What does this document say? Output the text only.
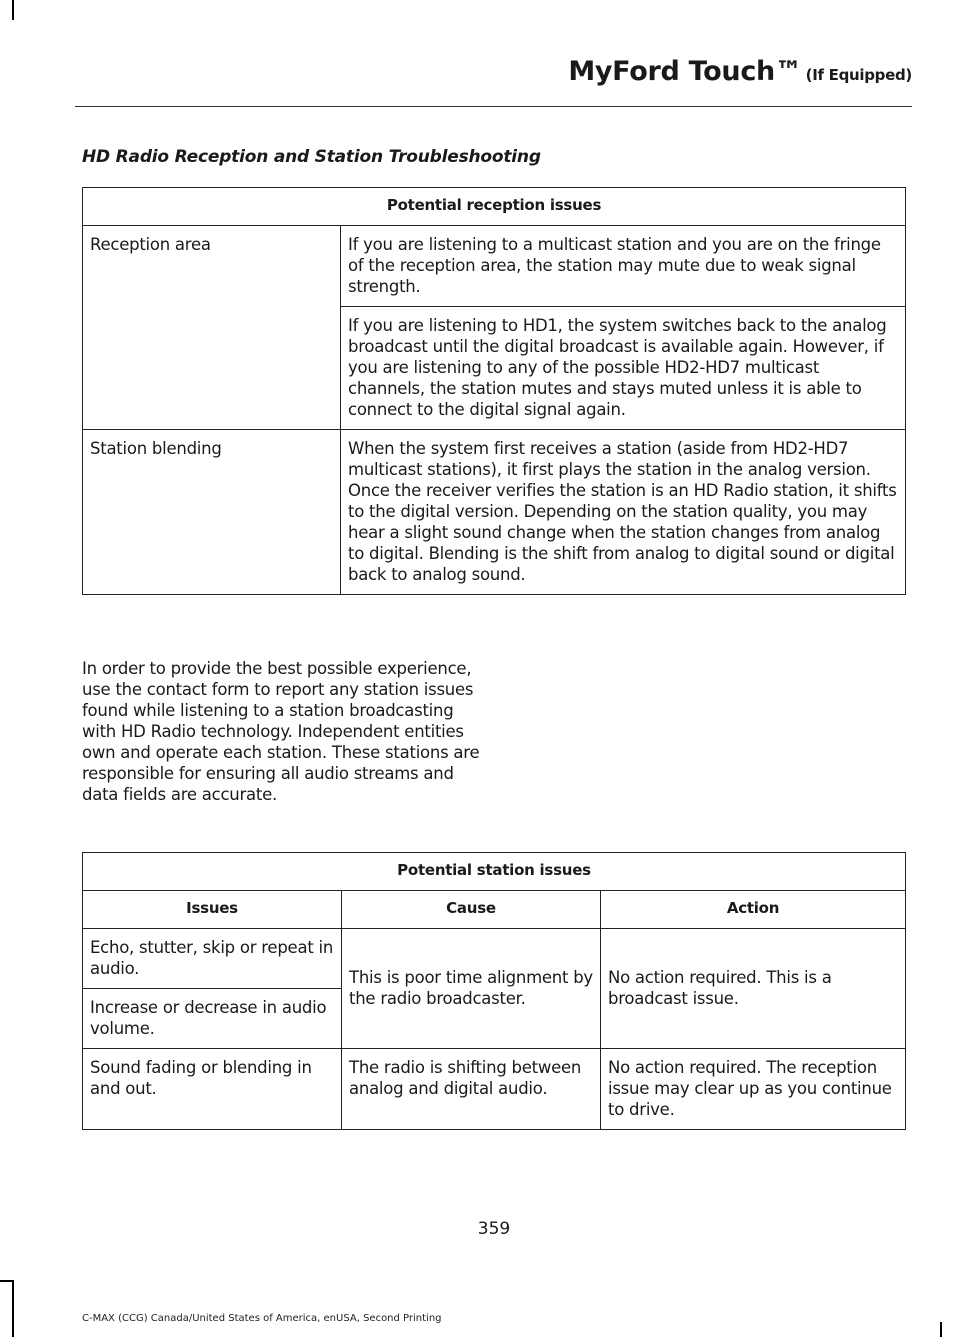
MyFord Touch™ (If Equipped)
HD Radio Reception and Station Troubleshooting
Potential reception issues	
Reception area	If you are listening to a multicast station and you are on the fringe of the reception area, the station may mute due to weak signal strength.
	If you are listening to HD1, the system switches back to the analog broadcast until the digital broadcast is available again. However, if you are listening to any of the possible HD2-HD7 multicast channels, the station mutes and stays muted unless it is able to connect to the digital signal again.
Station blending	When the system first receives a station (aside from HD2-HD7 multicast stations), it first plays the station in the analog version. Once the receiver verifies the station is an HD Radio station, it shifts to the digital version. Depending on the station quality, you may hear a slight sound change when the station changes from analog to digital. Blending is the shift from analog to digital sound or digital back to analog sound.
In order to provide the best possible experience, use the contact form to report any station issues found while listening to a station broadcasting with HD Radio technology. Independent entities own and operate each station. These stations are responsible for ensuring all audio streams and data fields are accurate.
Potential station issues		
Issues	Cause	Action
Echo, stutter, skip or repeat in audio.	This is poor time alignment by the radio broadcaster.	No action required. This is a broadcast issue.
Increase or decrease in audio volume.		
Sound fading or blending in and out.	The radio is shifting between analog and digital audio.	No action required. The reception issue may clear up as you continue to drive.
359
C-MAX (CCG) Canada/United States of America, enUSA, Second Printing
